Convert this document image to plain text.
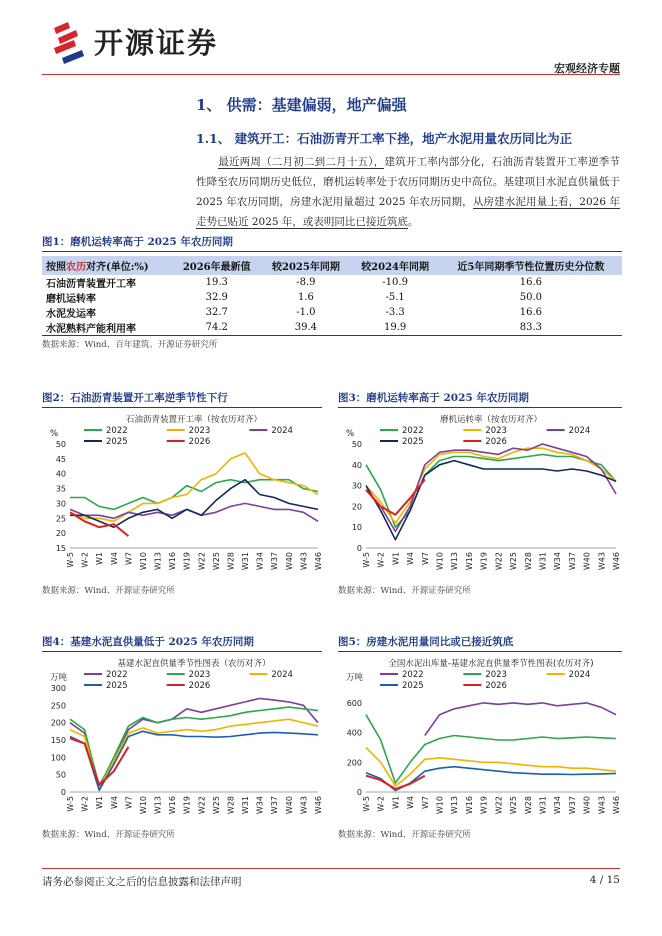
开源证券
宏观经济专题
1、 供需：基建偏弱，地产偏强
1.1、 建筑开工：石油沥青开工率下挫，地产水泥用量农历同比为正
最近两周（二月初二到二月十五），建筑开工率内部分化，石油沥青装置开工率逆季节性降至农历同期历史低位，磨机运转率处于农历同期历史中高位。基建项目水泥直供量低于 2025 年农历同期，房建水泥用量超过 2025 年农历同期，从房建水泥用量上看，2026 年走势已贴近 2025 年，或表明同比已接近筑底。
图1：磨机运转率高于 2025 年农历同期
按照农历对齐(单位:%)	2026年最新值	较2025年同期	较2024年同期	近5年同期季节性位置历史分位数
石油沥青装置开工率	19.3	-8.9	-10.9	16.6
磨机运转率	32.9	1.6	-5.1	50.0
水泥发运率	32.7	-1.0	-3.3	16.6
水泥熟料产能利用率	74.2	39.4	19.9	83.3
数据来源：Wind、百年建筑、开源证券研究所
图2：石油沥青装置开工率逆季节性下行
石油沥青装置开工率（按农历对齐）
%	2022	2023	2024
2025	2026
15
20
25
30
35
40
45
50
W-5 W-2 W1 W4 W7 W10 W13 W16 W19 W22 W25 W28 W31 W34 W37 W40 W43 W46
数据来源：Wind、开源证券研究所
图3：磨机运转率高于 2025 年农历同期
磨机运转率（按农历对齐）
%	2022	2023	2024
2025	2026
0
10
20
30
40
50
W-5 W-2 W1 W4 W7 W10 W13 W16 W19 W22 W25 W28 W31 W34 W37 W40 W43 W46
数据来源：Wind、开源证券研究所
图4：基建水泥直供量低于 2025 年农历同期
基建水泥直供量季节性图表（农历对齐）
万吨	2022	2023	2024
2025	2026
0
50
100
150
200
250
300
W-5 W-2 W1 W4 W7 W10 W13 W16 W19 W22 W25 W28 W31 W34 W37 W40 W43 W46
数据来源：Wind、开源证券研究所
图5：房建水泥用量同比或已接近筑底
全国水泥出库量-基建水泥直供量季节性图表(农历对齐)
万吨	2022	2023	2024
2025	2026
0
200
400
600
W-5 W-2 W1 W4 W7 W10 W13 W16 W19 W22 W25 W28 W31 W34 W37 W40 W43 W46
数据来源：Wind、开源证券研究所
请务必参阅正文之后的信息披露和法律声明	4 / 15
